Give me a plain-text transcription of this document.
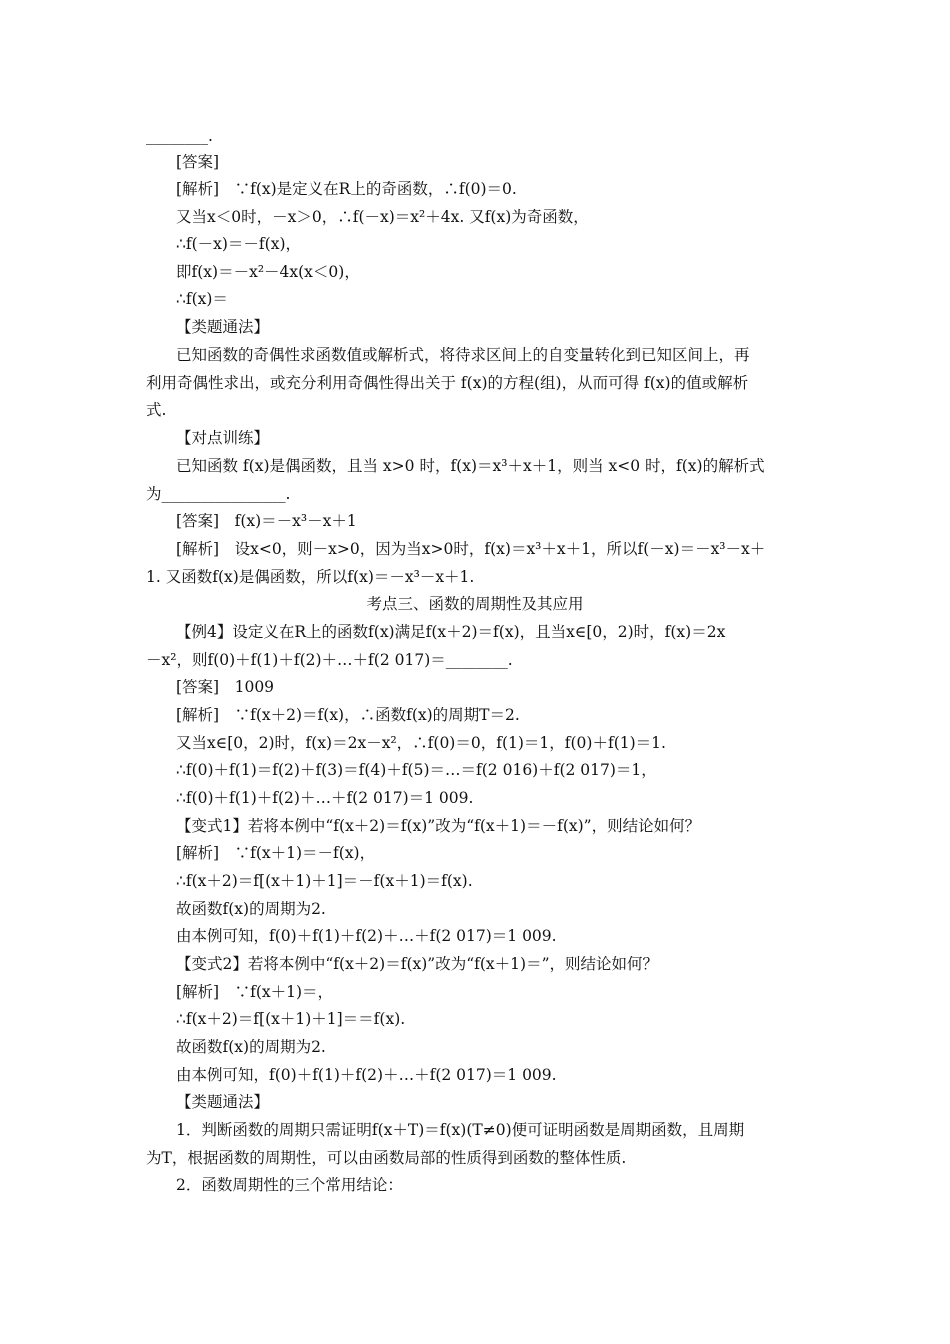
________.
[答案]
[解析]　∵f(x)是定义在R上的奇函数，∴f(0)＝0.
又当x＜0时，－x＞0，∴f(－x)＝x²＋4x. 又f(x)为奇函数，
∴f(－x)＝－f(x)，
即f(x)＝－x²－4x(x＜0)，
∴f(x)＝
【类题通法】
已知函数的奇偶性求函数值或解析式，将待求区间上的自变量转化到已知区间上，再
利用奇偶性求出，或充分利用奇偶性得出关于 f(x)的方程(组)，从而可得 f(x)的值或解析
式.
【对点训练】
已知函数 f(x)是偶函数，且当 x>0 时，f(x)＝x³＋x＋1，则当 x<0 时，f(x)的解析式
为________________.
[答案]　f(x)＝－x³－x＋1
[解析]　设x<0，则－x>0，因为当x>0时，f(x)＝x³＋x＋1，所以f(－x)＝－x³－x＋
1. 又函数f(x)是偶函数，所以f(x)＝－x³－x＋1.
考点三、函数的周期性及其应用
【例4】设定义在R上的函数f(x)满足f(x＋2)＝f(x)，且当x∈[0，2)时，f(x)＝2x
－x²，则f(0)＋f(1)＋f(2)＋…＋f(2 017)＝________.
[答案]　1009
[解析]　∵f(x＋2)＝f(x)，∴函数f(x)的周期T＝2.
又当x∈[0，2)时，f(x)＝2x－x²，∴f(0)＝0，f(1)＝1，f(0)＋f(1)＝1.
∴f(0)＋f(1)＝f(2)＋f(3)＝f(4)＋f(5)＝…＝f(2 016)＋f(2 017)＝1，
∴f(0)＋f(1)＋f(2)＋…＋f(2 017)＝1 009.
【变式1】若将本例中“f(x＋2)＝f(x)”改为“f(x＋1)＝－f(x)”，则结论如何？
[解析]　∵f(x＋1)＝－f(x)，
∴f(x＋2)＝f[(x＋1)＋1]＝－f(x＋1)＝f(x).
故函数f(x)的周期为2.
由本例可知，f(0)＋f(1)＋f(2)＋…＋f(2 017)＝1 009.
【变式2】若将本例中“f(x＋2)＝f(x)”改为“f(x＋1)＝”，则结论如何？
[解析]　∵f(x＋1)＝，
∴f(x＋2)＝f[(x＋1)＋1]＝＝f(x).
故函数f(x)的周期为2.
由本例可知，f(0)＋f(1)＋f(2)＋…＋f(2 017)＝1 009.
【类题通法】
1．判断函数的周期只需证明f(x＋T)＝f(x)(T≠0)便可证明函数是周期函数，且周期
为T，根据函数的周期性，可以由函数局部的性质得到函数的整体性质.
2．函数周期性的三个常用结论：
